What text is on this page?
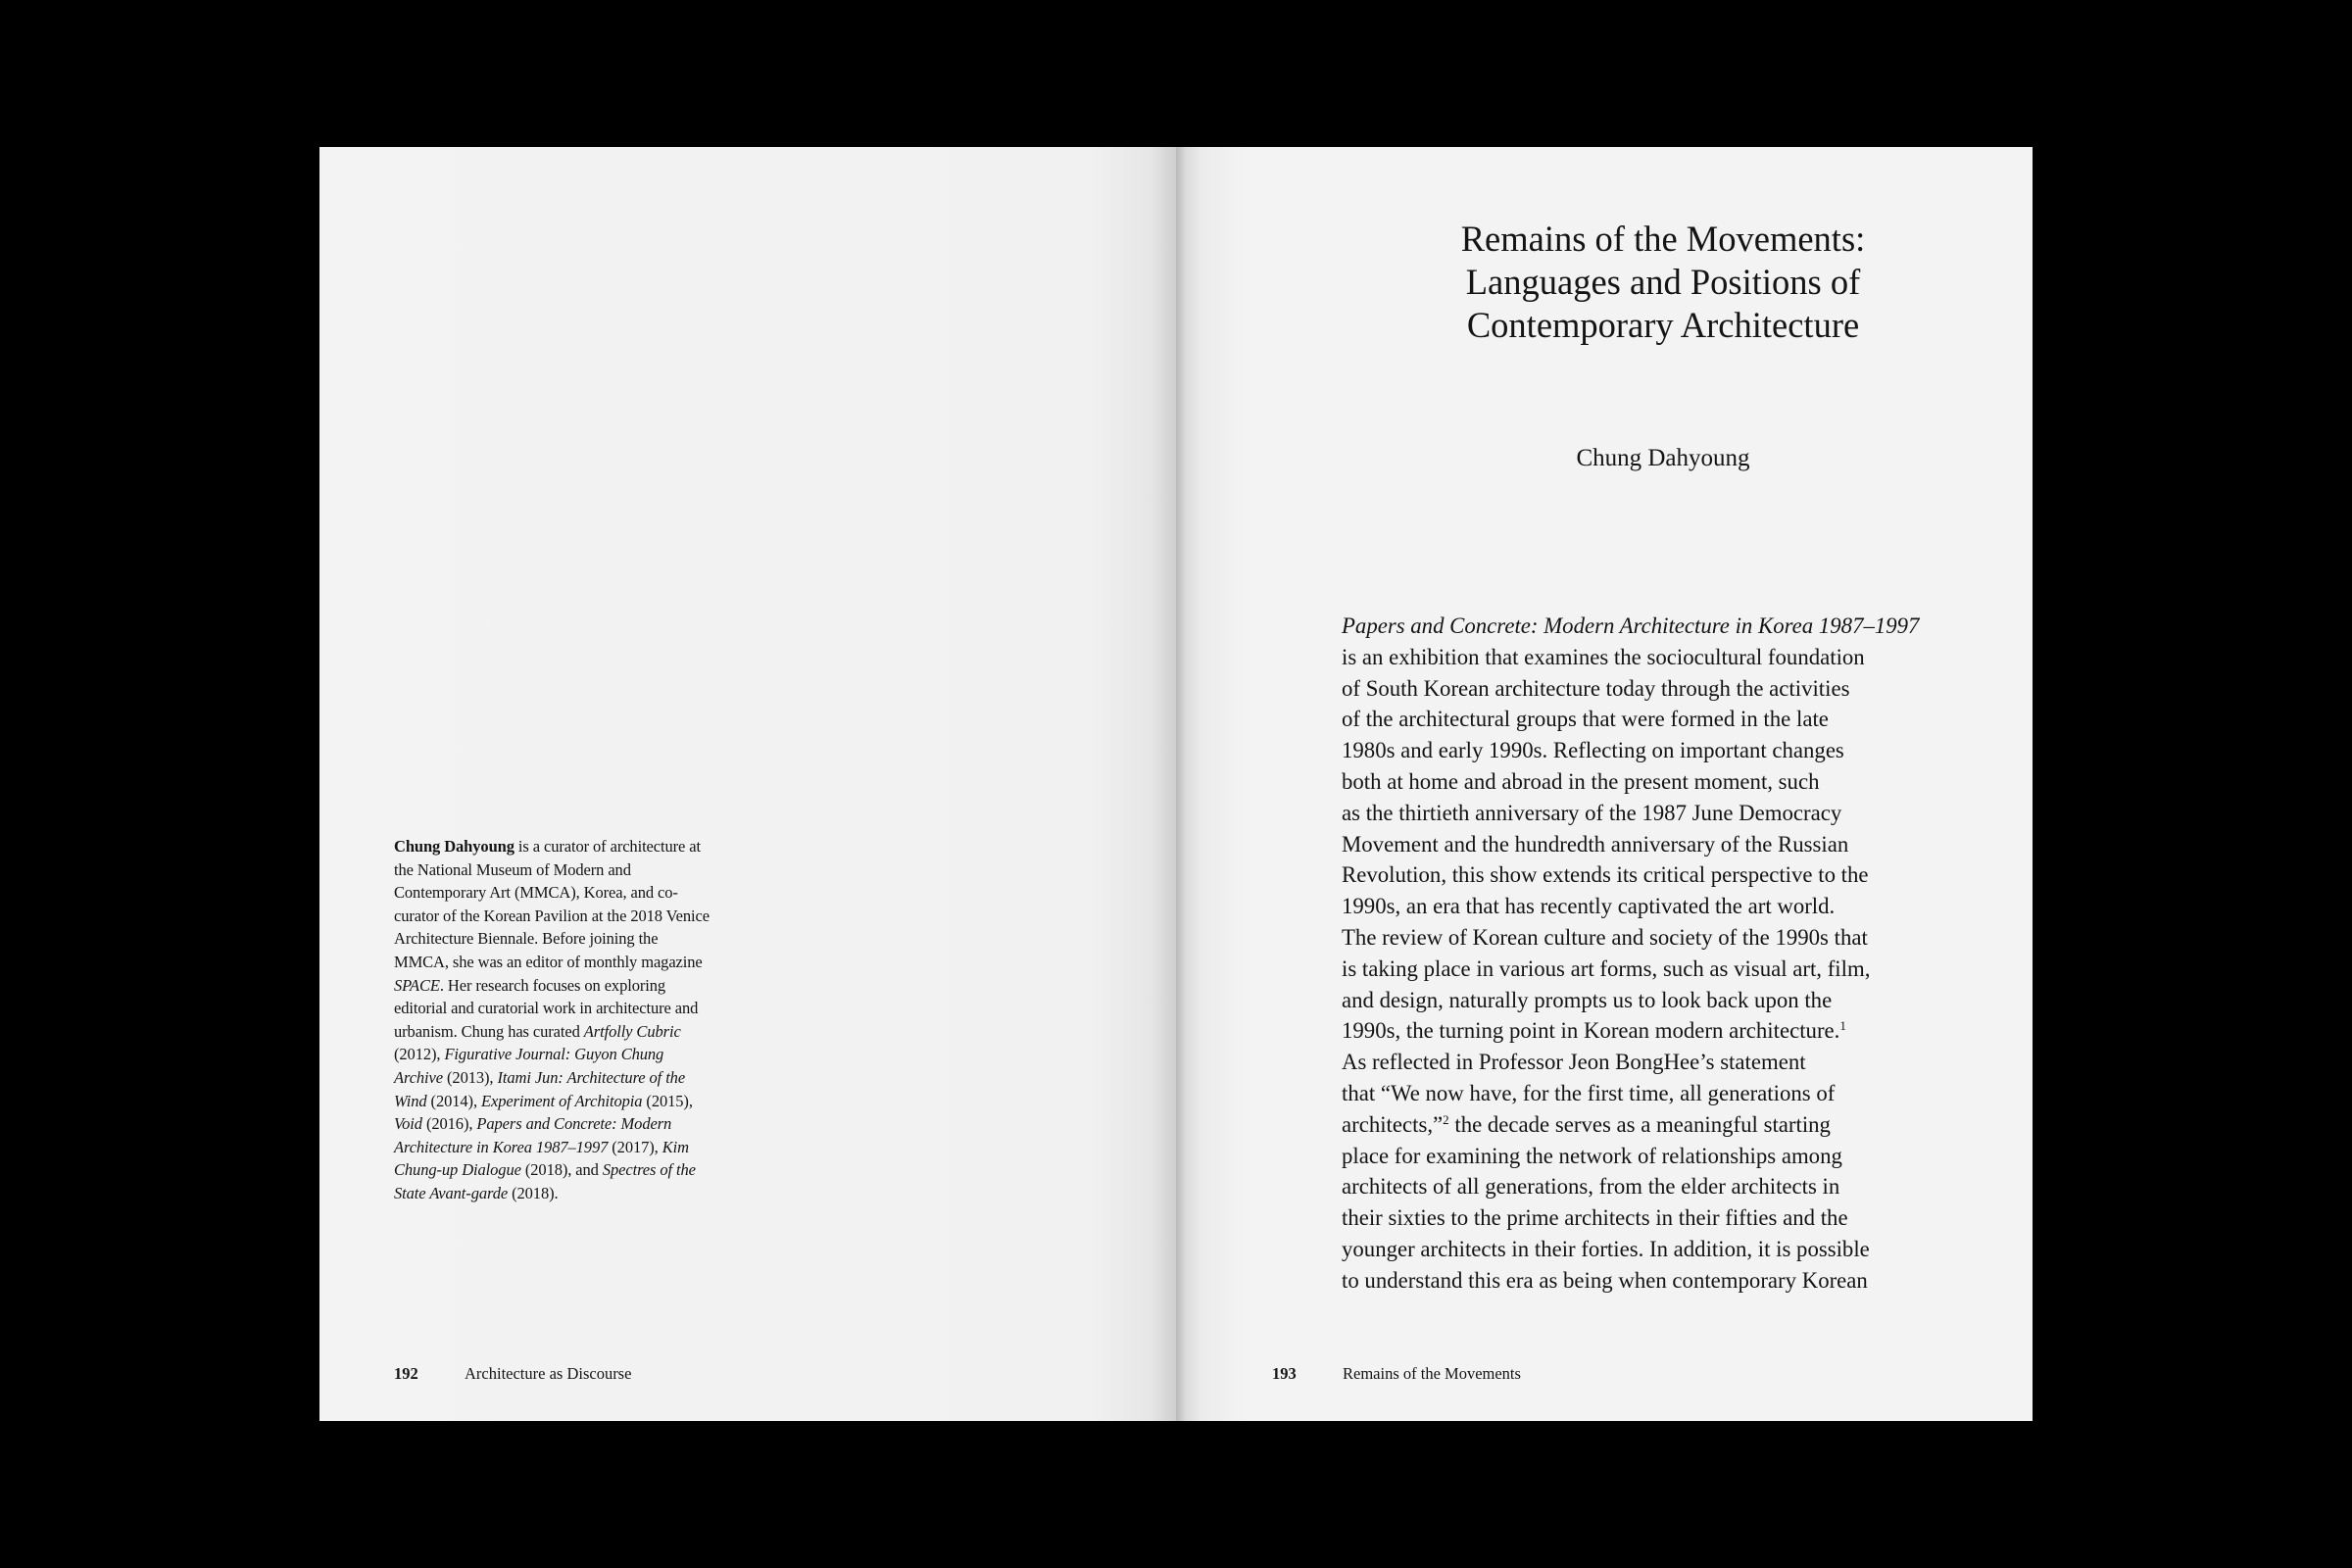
Chung Dahyoung is a curator of architecture at the National Museum of Modern and Contemporary Art (MMCA), Korea, and co-curator of the Korean Pavilion at the 2018 Venice Architecture Biennale. Before joining the MMCA, she was an editor of monthly magazine SPACE. Her research focuses on exploring editorial and curatorial work in architecture and urbanism. Chung has curated Artfolly Cubric (2012), Figurative Journal: Guyon Chung Archive (2013), Itami Jun: Architecture of the Wind (2014), Experiment of Architopia (2015), Void (2016), Papers and Concrete: Modern Architecture in Korea 1987–1997 (2017), Kim Chung-up Dialogue (2018), and Spectres of the State Avant-garde (2018).

192	Architecture as Discourse
Remains of the Movements:
Languages and Positions of
Contemporary Architecture

Chung Dahyoung

Papers and Concrete: Modern Architecture in Korea 1987–1997
is an exhibition that examines the sociocultural foundation
of South Korean architecture today through the activities
of the architectural groups that were formed in the late
1980s and early 1990s. Reflecting on important changes
both at home and abroad in the present moment, such
as the thirtieth anniversary of the 1987 June Democracy
Movement and the hundredth anniversary of the Russian
Revolution, this show extends its critical perspective to the
1990s, an era that has recently captivated the art world.
The review of Korean culture and society of the 1990s that
is taking place in various art forms, such as visual art, film,
and design, naturally prompts us to look back upon the
1990s, the turning point in Korean modern architecture.$^1$
As reflected in Professor Jeon BongHee’s statement
that “We now have, for the first time, all generations of
architects,”$^2$ the decade serves as a meaningful starting
place for examining the network of relationships among
architects of all generations, from the elder architects in
their sixties to the prime architects in their fifties and the
younger architects in their forties. In addition, it is possible
to understand this era as being when contemporary Korean

193	Remains of the Movements
